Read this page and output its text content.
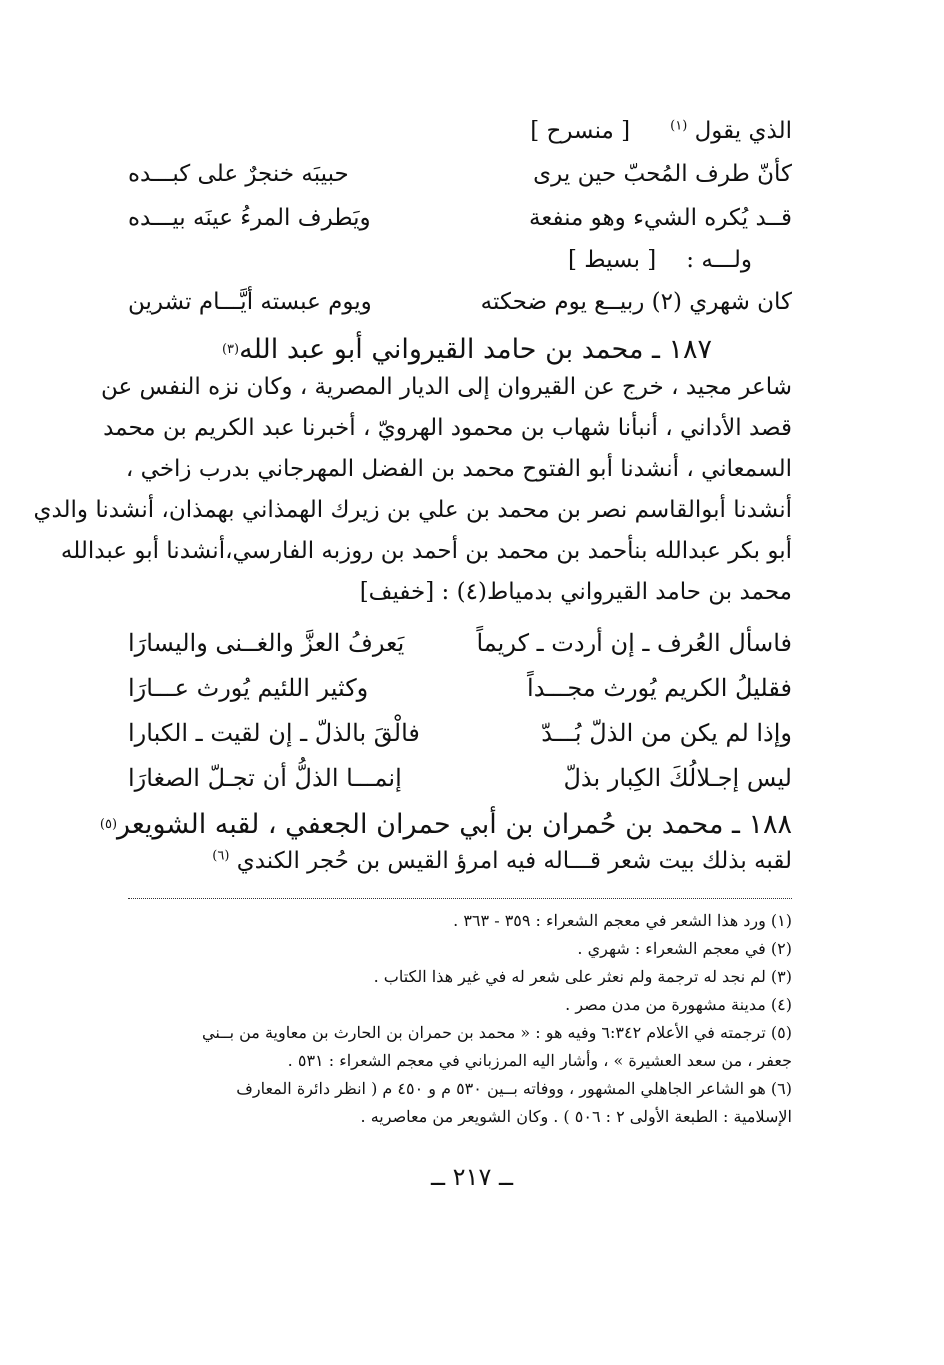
الذي يقول $^{(١)}$
[ منسرح ]
كأنّ طرف المُحبّ حين يرى
حبيبَه خنجرٌ على كبـــده
قــد يُكره الشيء وهو منفعة
ويَطرف المرءُ عينَه بيـــده
ولـــه :
[ بسيط ]
كان شهري (٢) ربيــع يوم ضحكته
ويوم عبسته أيَّـــام تشرين
١٨٧ ـ محمد بن حامد القيرواني أبو عبد الله
(٣)
شاعر مجيد ، خرج عن القيروان إلى الديار المصرية ، وكان نزه النفس عن
قصد الأداني ، أنبأنا شهاب بن محمود الهرويّ ، أخبرنا عبد الكريم بن محمد
السمعاني ، أنشدنا أبو الفتوح محمد بن الفضل المهرجاني بدرب زاخي ،
أنشدنا أبوالقاسم نصر بن محمد بن علي بن زيرك الهمذاني بهمذان، أنشدنا والدي
أبو بكر عبدالله بنأحمد بن محمد بن أحمد بن روزبه الفارسي،أنشدنا أبو عبدالله
محمد بن حامد القيرواني بدمياط(٤) : [خفيف]
فاسأل العُرف ـ إن أردت ـ كريماً
يَعرفُ العزَّ والغــنى واليسارَا
فقليلُ الكريم يُورث مجـــداً
وكثير اللئيم يُورث عـــارَا
وإذا لم يكن من الذلّ بُـــدّ
فالْقَ بالذلّ ـ إن لقيت ـ الكبارا
ليس إجـلالُكَ الكِبار بذلّ
إنمـــا الذلُّ أن تجـلّ الصغارَا
١٨٨ ـ محمد بن حُمران بن أبي حمران الجعفي ، لقبه الشويعر
(٥)
لقبه بذلك بيت شعر قـــاله فيه امرؤ القيس بن حُجر الكندي $^{(٦)}$
(١) ورد هذا الشعر في معجم الشعراء : ٣٥٩ - ٣٦٣ .
(٢) في معجم الشعراء : شهري .
(٣) لم نجد له ترجمة ولم نعثر على شعر له في غير هذا الكتاب .
(٤) مدينة مشهورة من مدن مصر .
(٥) ترجمته في الأعلام ٦:٣٤٢ وفيه هو : « محمد بن حمران بن الحارث بن معاوية من بــني
جعفر ، من سعد العشيرة » ، وأشار اليه المرزباني في معجم الشعراء : ٥٣١ .
(٦) هو الشاعر الجاهلي المشهور ، ووفاته بــين ٥٣٠ م و ٤٥٠ م ( انظر دائرة المعارف
الإسلامية : الطبعة الأولى ٢ : ٥٠٦ ) . وكان الشويعر من معاصريه .
ــ ٢١٧ ــ
